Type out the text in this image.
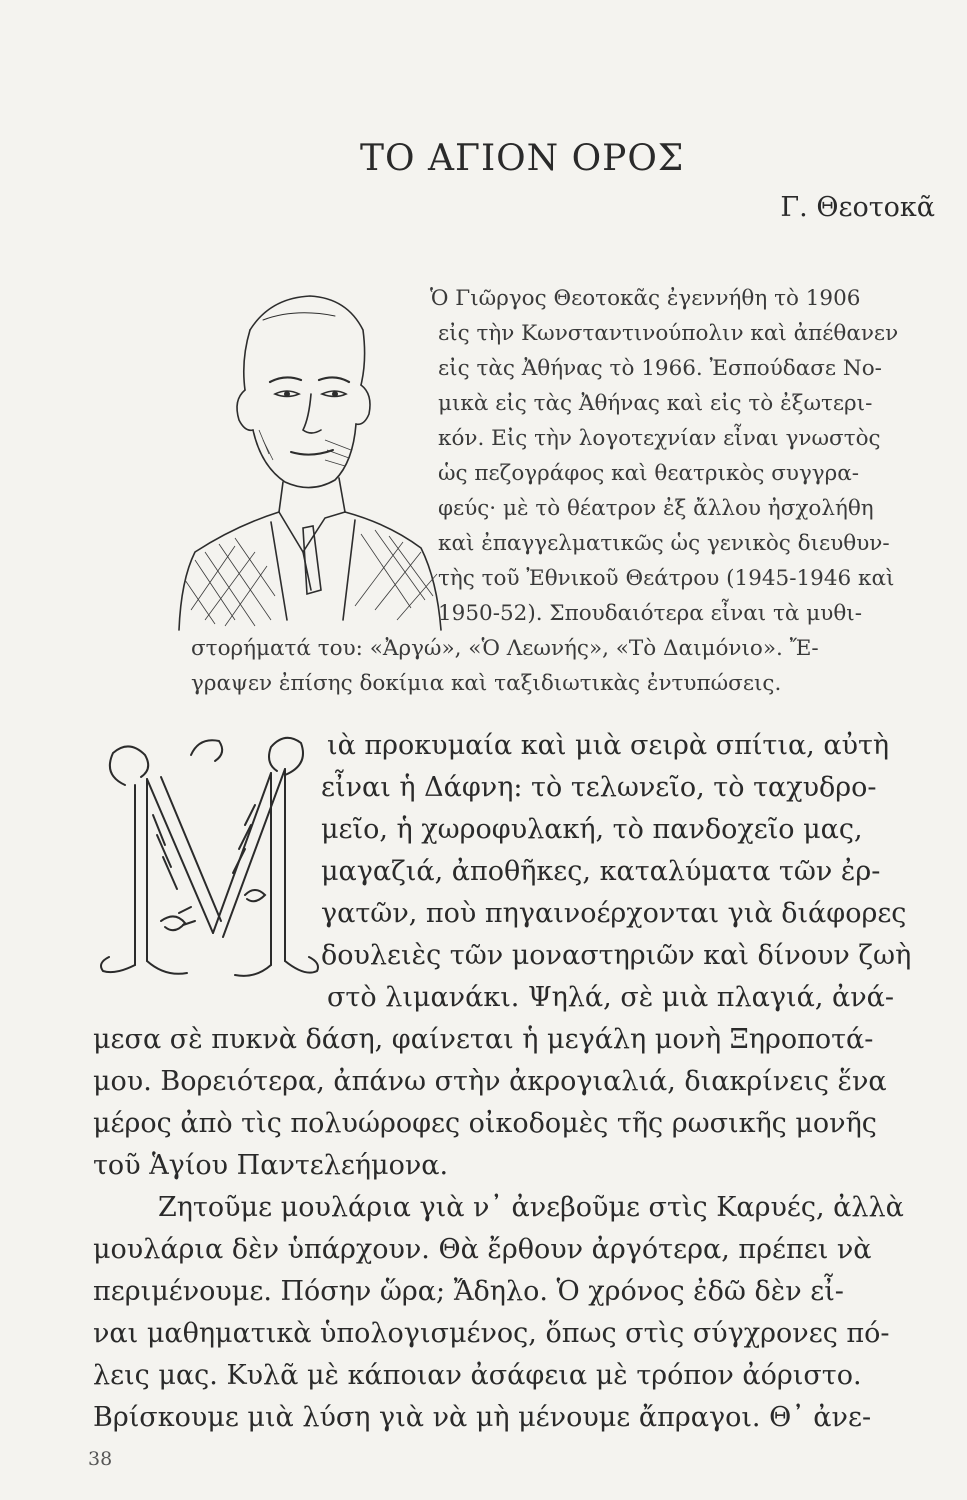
ΤΟ ΑΓΙΟΝ ΟΡΟΣ
Γ. Θεοτοκᾶ
Ὁ Γιῶργος Θεοτοκᾶς ἐγεννήθη τὸ 1906
εἰς τὴν Κωνσταντινούπολιν καὶ ἀπέθανεν
εἰς τὰς Ἀθήνας τὸ 1966. Ἐσπούδασε Νο-
μικὰ εἰς τὰς Ἀθήνας καὶ εἰς τὸ ἐξωτερι-
κόν. Εἰς τὴν λογοτεχνίαν εἶναι γνωστὸς
ὡς πεζογράφος καὶ θεατρικὸς συγγρα-
φεύς· μὲ τὸ θέατρον ἐξ ἄλλου ἠσχολήθη
καὶ ἐπαγγελματικῶς ὡς γενικὸς διευθυν-
τὴς τοῦ Ἐθνικοῦ Θεάτρου (1945-1946 καὶ
1950-52). Σπουδαιότερα εἶναι τὰ μυθι-
στορήματά του: «Ἀργώ», «Ὁ Λεωνής», «Τὸ Δαιμόνιο». Ἔ-
γραψεν ἐπίσης δοκίμια καὶ ταξιδιωτικὰς ἐντυπώσεις.
ιὰ προκυμαία καὶ μιὰ σειρὰ σπίτια, αὐτὴ
εἶναι ἡ Δάφνη: τὸ τελωνεῖο, τὸ ταχυδρο-
μεῖο, ἡ χωροφυλακή, τὸ πανδοχεῖο μας,
μαγαζιά, ἀποθῆκες, καταλύματα τῶν ἐρ-
γατῶν, ποὺ πηγαινοέρχονται γιὰ διάφορες
δουλειὲς τῶν μοναστηριῶν καὶ δίνουν ζωὴ
στὸ λιμανάκι. Ψηλά, σὲ μιὰ πλαγιά, ἀνά-
μεσα σὲ πυκνὰ δάση, φαίνεται ἡ μεγάλη μονὴ Ξηροποτά-
μου. Βορειότερα, ἀπάνω στὴν ἀκρογιαλιά, διακρίνεις ἕνα
μέρος ἀπὸ τὶς πολυώροφες οἰκοδομὲς τῆς ρωσικῆς μονῆς
τοῦ Ἁγίου Παντελεήμονα.
Ζητοῦμε μουλάρια γιὰ ν᾽ ἀνεβοῦμε στὶς Καρυές, ἀλλὰ
μουλάρια δὲν ὑπάρχουν. Θὰ ἔρθουν ἀργότερα, πρέπει νὰ
περιμένουμε. Πόσην ὥρα; Ἄδηλο. Ὁ χρόνος ἐδῶ δὲν εἶ-
ναι μαθηματικὰ ὑπολογισμένος, ὅπως στὶς σύγχρονες πό-
λεις μας. Κυλᾶ μὲ κάποιαν ἀσάφεια μὲ τρόπον ἀόριστο.
Βρίσκουμε μιὰ λύση γιὰ νὰ μὴ μένουμε ἄπραγοι. Θ᾽ ἀνε-
38
